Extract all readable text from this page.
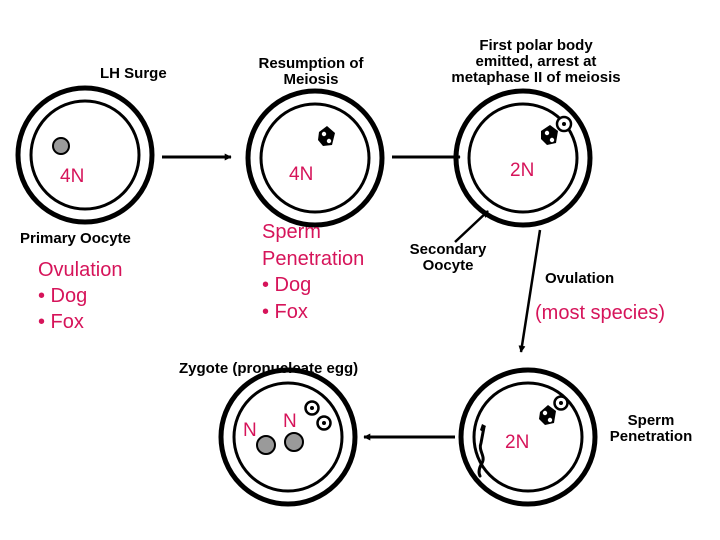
LH Surge
Resumption of
Meiosis
First polar body
emitted, arrest at
metaphase II of meiosis
4N	4N	2N
Primary Oocyte
Ovulation
• Dog
• Fox
Sperm
Penetration
• Dog
• Fox
Secondary
Oocyte
Ovulation
(most species)
Zygote (pronucleate egg)
N N
2N
Sperm
Penetration
